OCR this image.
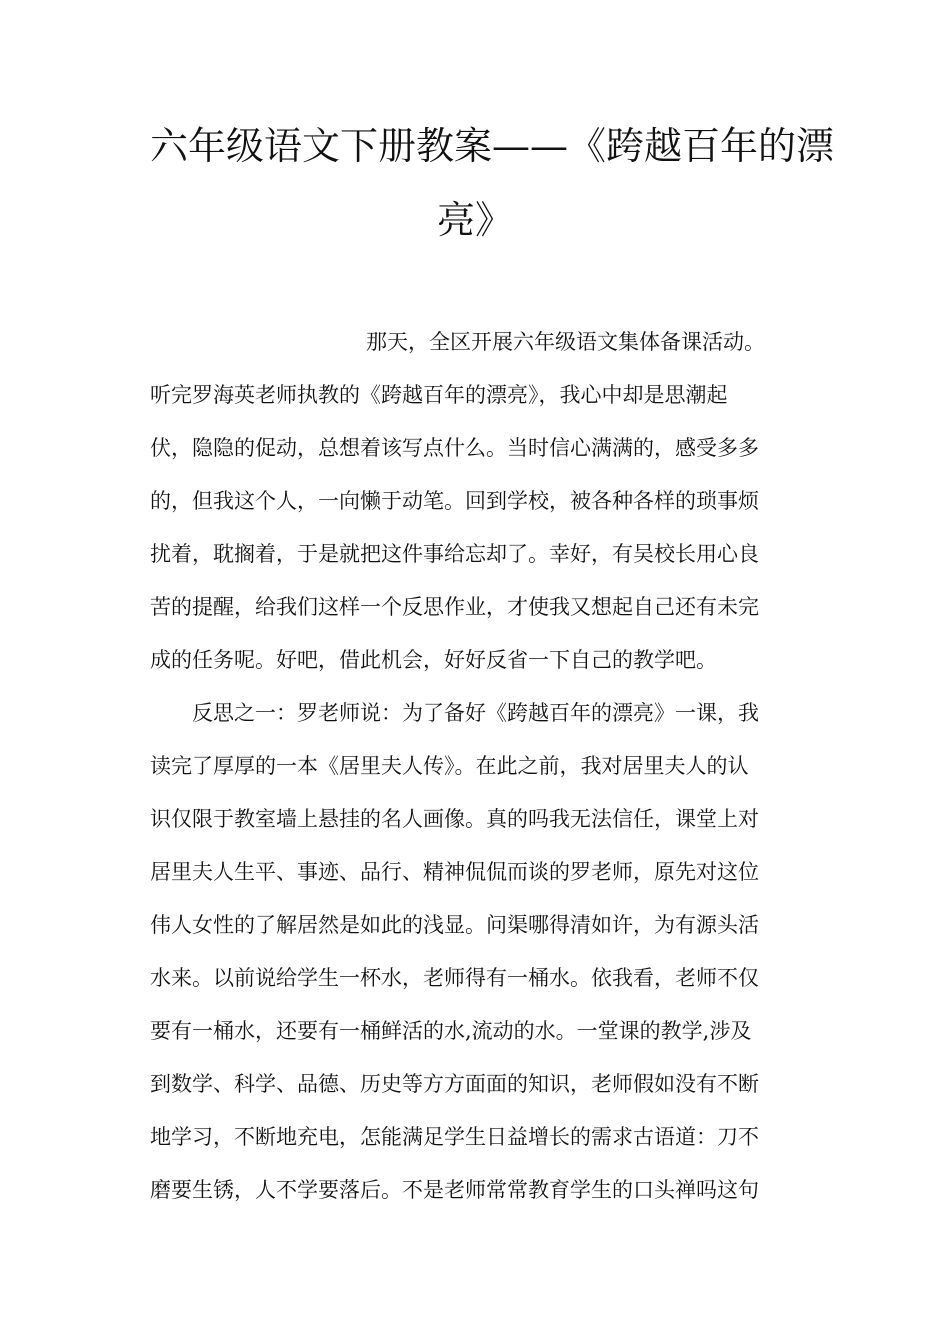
六年级语文下册教案——《跨越百年的漂
亮》
那天，全区开展六年级语文集体备课活动。
听完罗海英老师执教的《跨越百年的漂亮》，我心中却是思潮起
伏，隐隐的促动，总想着该写点什么。当时信心满满的，感受多多
的，但我这个人，一向懒于动笔。回到学校，被各种各样的琐事烦
扰着，耽搁着，于是就把这件事给忘却了。幸好，有吴校长用心良
苦的提醒，给我们这样一个反思作业，才使我又想起自己还有未完
成的任务呢。好吧，借此机会，好好反省一下自己的教学吧。
反思之一：罗老师说：为了备好《跨越百年的漂亮》一课，我
读完了厚厚的一本《居里夫人传》。在此之前，我对居里夫人的认
识仅限于教室墙上悬挂的名人画像。真的吗我无法信任，课堂上对
居里夫人生平、事迹、品行、精神侃侃而谈的罗老师，原先对这位
伟人女性的了解居然是如此的浅显。问渠哪得清如许，为有源头活
水来。以前说给学生一杯水，老师得有一桶水。依我看，老师不仅
要有一桶水，还要有一桶鲜活的水,流动的水。一堂课的教学,涉及
到数学、科学、品德、历史等方方面面的知识，老师假如没有不断
地学习，不断地充电，怎能满足学生日益增长的需求古语道：刀不
磨要生锈，人不学要落后。不是老师常常教育学生的口头禅吗这句
